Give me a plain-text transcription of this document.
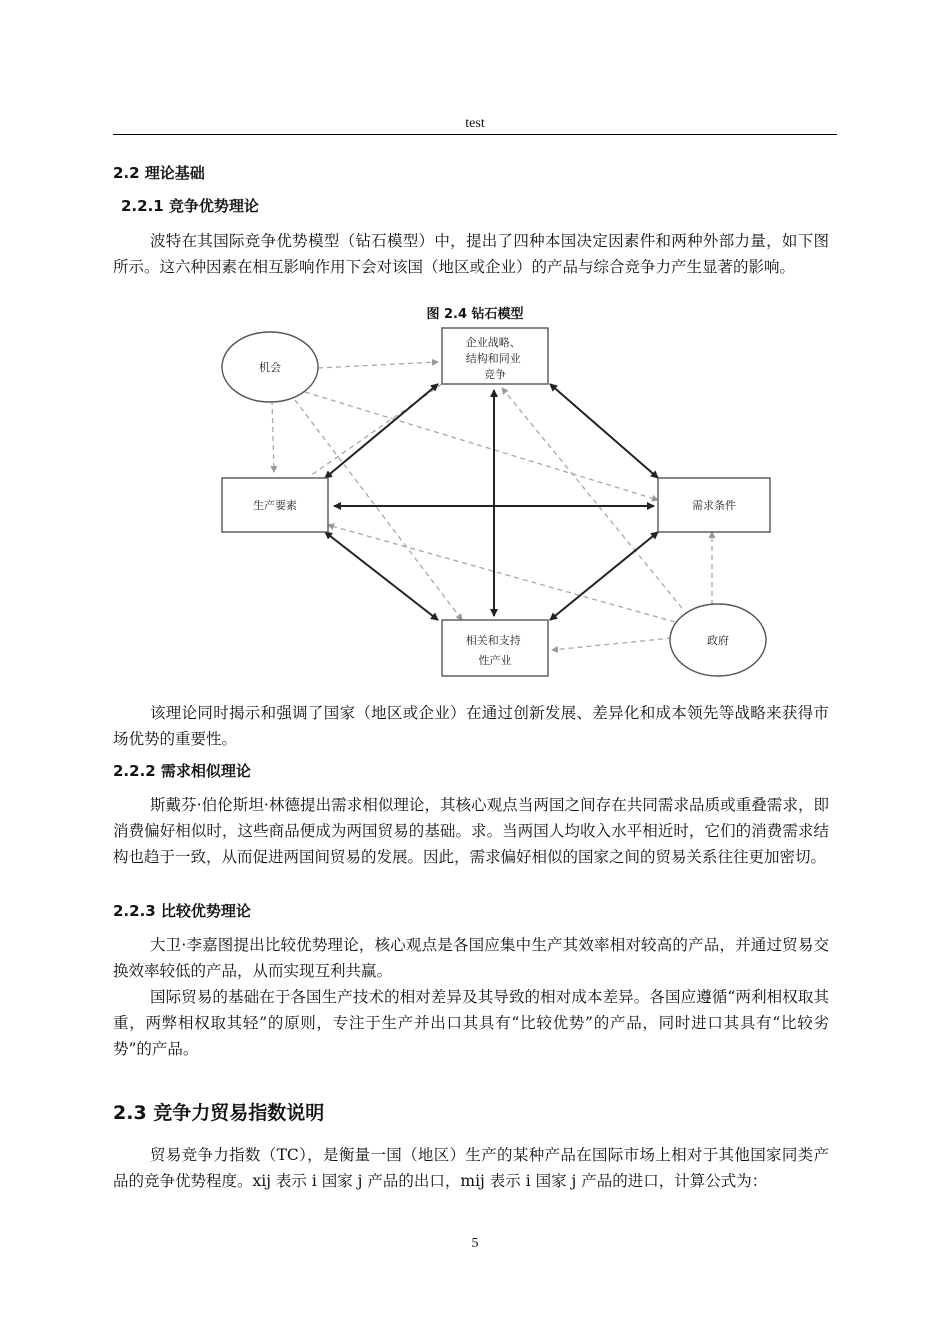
test
2.2 理论基础
2.2.1 竞争优势理论

波特在其国际竞争优势模型（钻石模型）中，提出了四种本国决定因素件和两种外部力量，如下图所示。这六种因素在相互影响作用下会对该国（地区或企业）的产品与综合竞争力产生显著的影响。

图 2.4 钻石模型
机会
企业战略、 结构和同业 竞争
生产要素	需求条件
相关和支持 性产业
政府

该理论同时揭示和强调了国家（地区或企业）在通过创新发展、差异化和成本领先等战略来获得市场优势的重要性。

2.2.2 需求相似理论

斯戴芬·伯伦斯坦·林德提出需求相似理论，其核心观点当两国之间存在共同需求品质或重叠需求，即消费偏好相似时，这些商品便成为两国贸易的基础。求。当两国人均收入水平相近时，它们的消费需求结构也趋于一致，从而促进两国间贸易的发展。因此，需求偏好相似的国家之间的贸易关系往往更加密切。

2.2.3 比较优势理论

大卫·李嘉图提出比较优势理论，核心观点是各国应集中生产其效率相对较高的产品，并通过贸易交换效率较低的产品，从而实现互利共赢。

国际贸易的基础在于各国生产技术的相对差异及其导致的相对成本差异。各国应遵循“两利相权取其重，两弊相权取其轻”的原则，专注于生产并出口其具有“比较优势”的产品，同时进口其具有“比较劣势”的产品。

2.3 竞争力贸易指数说明

贸易竞争力指数（TC），是衡量一国（地区）生产的某种产品在国际市场上相对于其他国家同类产品的竞争优势程度。xij 表示 i 国家 j 产品的出口，mij 表示 i 国家 j 产品的进口，计算公式为：

5
